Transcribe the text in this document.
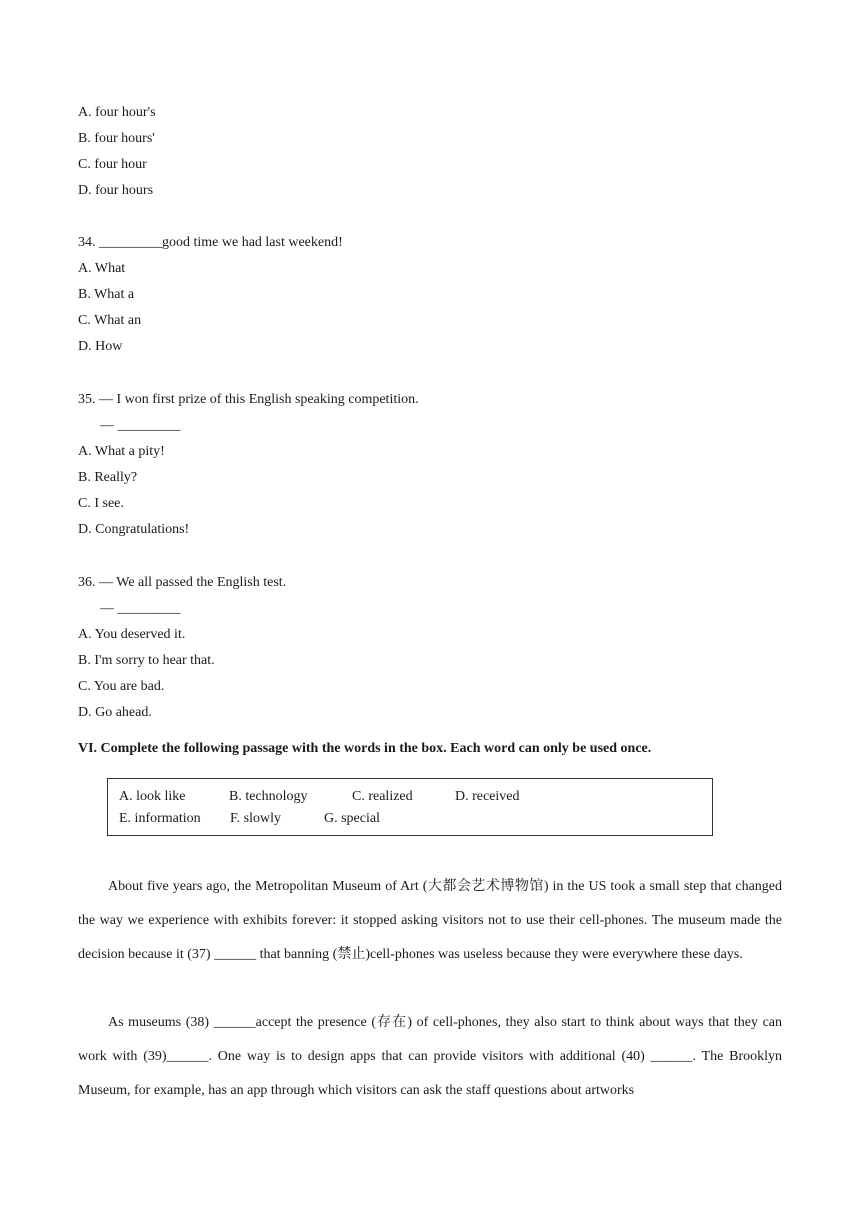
A. four hour's
B. four hours'
C. four hour
D. four hours
34. _________good time we had last weekend!
A. What
B. What a
C. What an
D. How
35. — I won first prize of this English speaking competition.
— _________
A. What a pity!
B. Really?
C. I see.
D. Congratulations!
36. — We all passed the English test.
— _________
A. You deserved it.
B. I'm sorry to hear that.
C. You are bad.
D. Go ahead.
VI. Complete the following passage with the words in the box. Each word can only be used once.
A. look like	B. technology	C. realized	D. received
E. information F. slowly	G. special

About five years ago, the Metropolitan Museum of Art (大都会艺术博物馆) in the US took a small step that changed the way we experience with exhibits forever: it stopped asking visitors not to use their cell-phones. The museum made the decision because it (37) ______ that banning (禁止)cell-phones was useless because they were everywhere these days.

As museums (38) ______accept the presence (存在) of cell-phones, they also start to think about ways that they can work with (39)______. One way is to design apps that can provide visitors with additional (40) ______. The Brooklyn Museum, for example, has an app through which visitors can ask the staff questions about artworks
